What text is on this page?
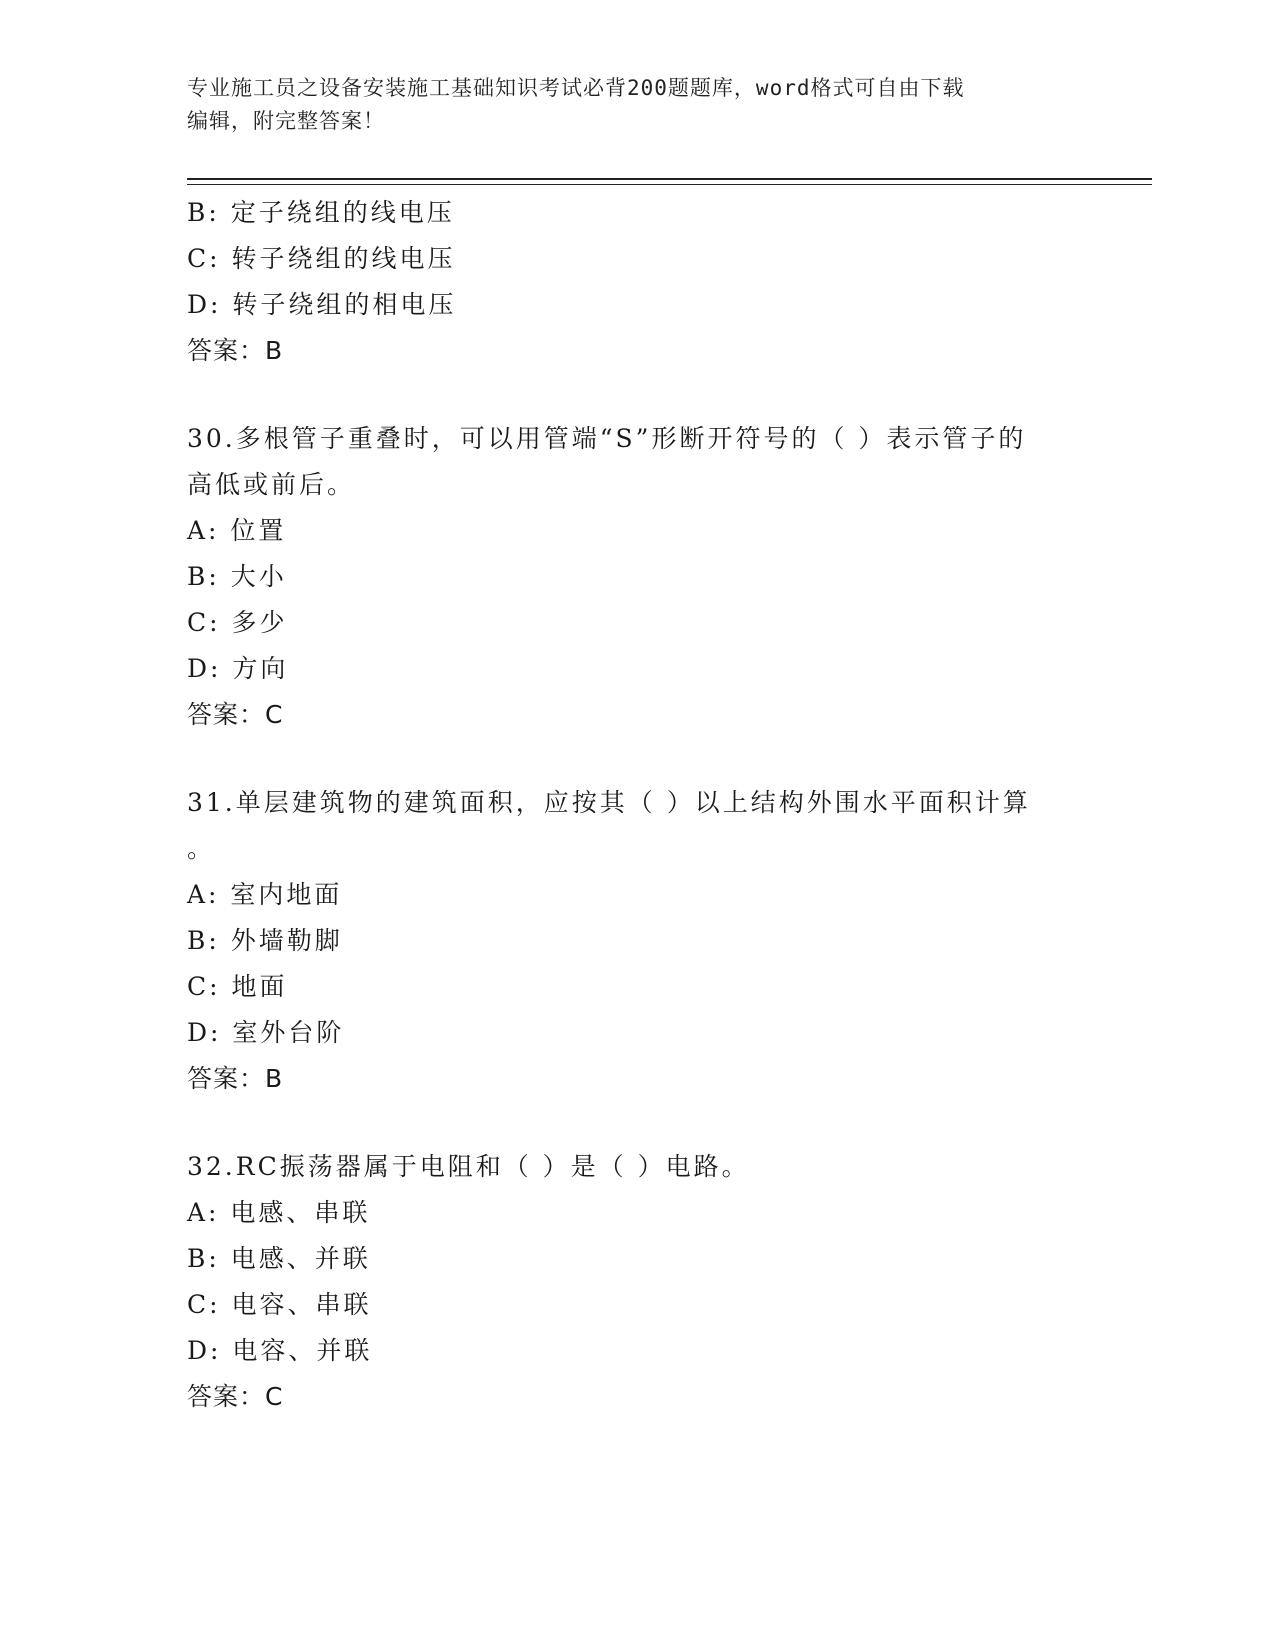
专业施工员之设备安装施工基础知识考试必背200题题库，word格式可自由下载
编辑，附完整答案！
B: 定子绕组的线电压
C: 转子绕组的线电压
D: 转子绕组的相电压
答案：B
30.多根管子重叠时，可以用管端“S”形断开符号的（ ）表示管子的
高低或前后。
A: 位置
B: 大小
C: 多少
D: 方向
答案：C
31.单层建筑物的建筑面积，应按其（ ）以上结构外围水平面积计算
。
A: 室内地面
B: 外墙勒脚
C: 地面
D: 室外台阶
答案：B
32.RC振荡器属于电阻和（ ）是（ ）电路。
A: 电感、串联
B: 电感、并联
C: 电容、串联
D: 电容、并联
答案：C
